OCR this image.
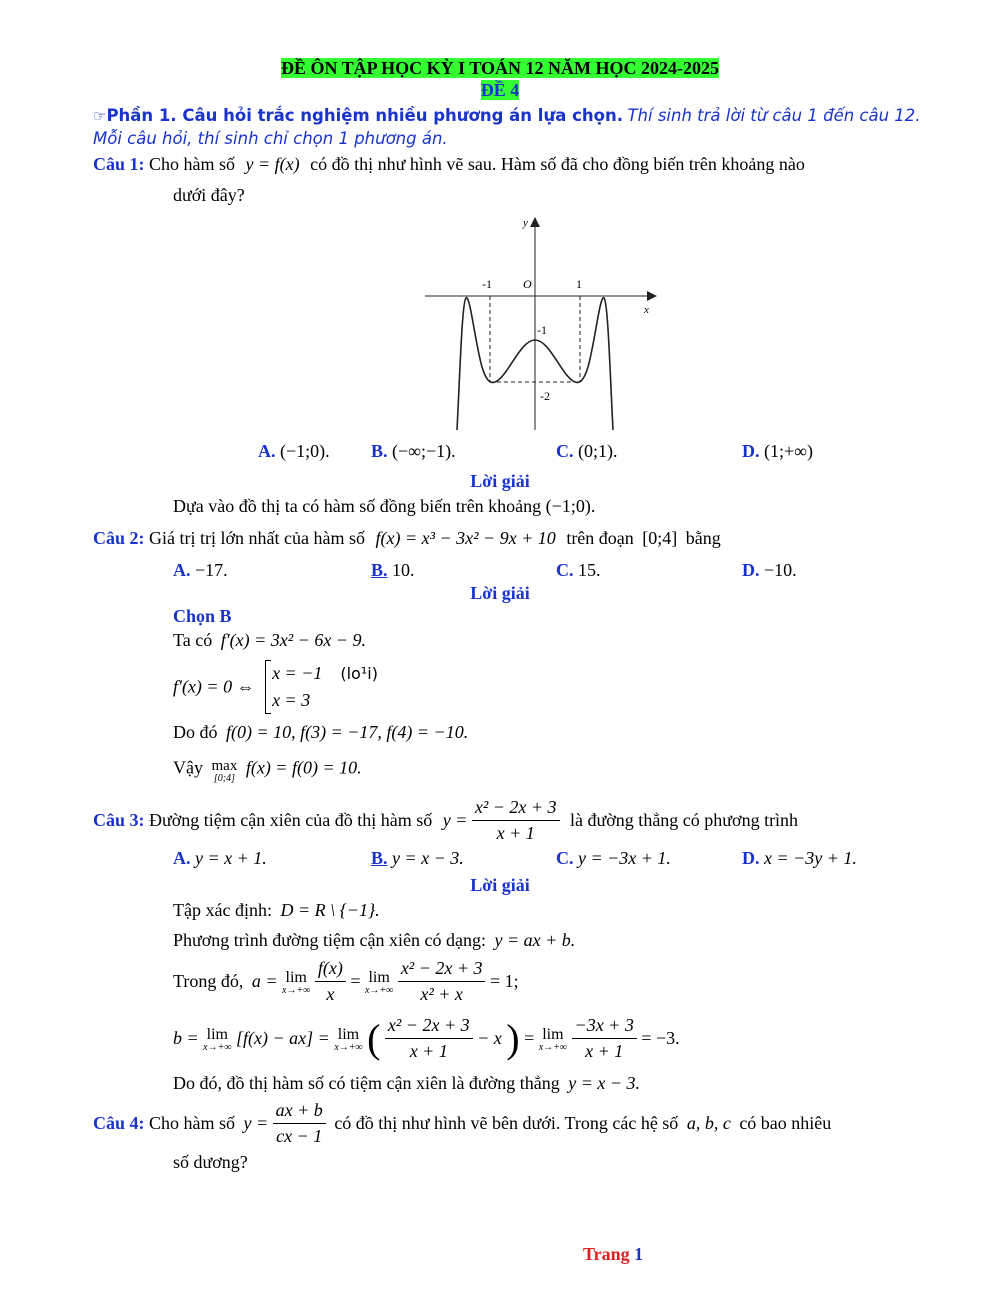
ĐỀ ÔN TẬP HỌC KỲ I TOÁN 12 NĂM HỌC 2024-2025
ĐỀ 4
☞Phần 1. Câu hỏi trắc nghiệm nhiều phương án lựa chọn. Thí sinh trả lời từ câu 1 đến câu 12.
Mỗi câu hỏi, thí sinh chỉ chọn 1 phương án.
Câu 1: Cho hàm số y = f(x) có đồ thị như hình vẽ sau. Hàm số đã cho đồng biến trên khoảng nào
dưới đây?
y
x
O
-1	1
-1
-2
A. (−1;0). B. (−∞;−1).	C. (0;1).	D. (1;+∞)
Lời giải
Dựa vào đồ thị ta có hàm số đồng biến trên khoảng (−1;0).
Câu 2: Giá trị trị lớn nhất của hàm số f(x) = x³ − 3x² − 9x + 10 trên đoạn [0;4] bằng
A. −17.	B. 10.	C. 15.	D. −10.
Lời giải
Chọn B
Ta có f′(x) = 3x² − 6x − 9.
f′(x) = 0 ⇔
x = −1 (lo¹i)
x = 3
Do đó f(0) = 10, f(3) = −17, f(4) = −10.
Vậy max
[0;4]
f(x) = f(0) = 10.
Câu 3: Đường tiệm cận xiên của đồ thị hàm số $y = \frac{\text{x² − 2x + 3}}{x + 1}$ là đường thẳng có phương trình
A. y = x + 1.	B. y = x − 3.	C. y = −3x + 1.	D. x = −3y + 1.
Lời giải
Tập xác định: D = R \ {−1}.
Phương trình đường tiệm cận xiên có dạng: y = ax + b.
Trong đó, a = lim
x→+∞
$\frac{f(x)}{x} = \lim$
x→+∞
$\frac{\text{x² − 2x + 3}}{\text{x² + x}} = 1$;
b = lim
x→+∞ [f(x) − ax] = lim
x→+∞ ( $\frac{\text{x² − 2x + 3}}{x + 1} - x$ ) = lim
x→+∞
$\frac{-3x + 3}{x + 1} = -3$.
Do đó, đồ thị hàm số có tiệm cận xiên là đường thẳng y = x − 3.
Câu 4: Cho hàm số $y = \frac{ax + b}{cx - 1}$ có đồ thị như hình vẽ bên dưới. Trong các hệ số a, b, c có bao nhiêu
số dương?
Trang 1
